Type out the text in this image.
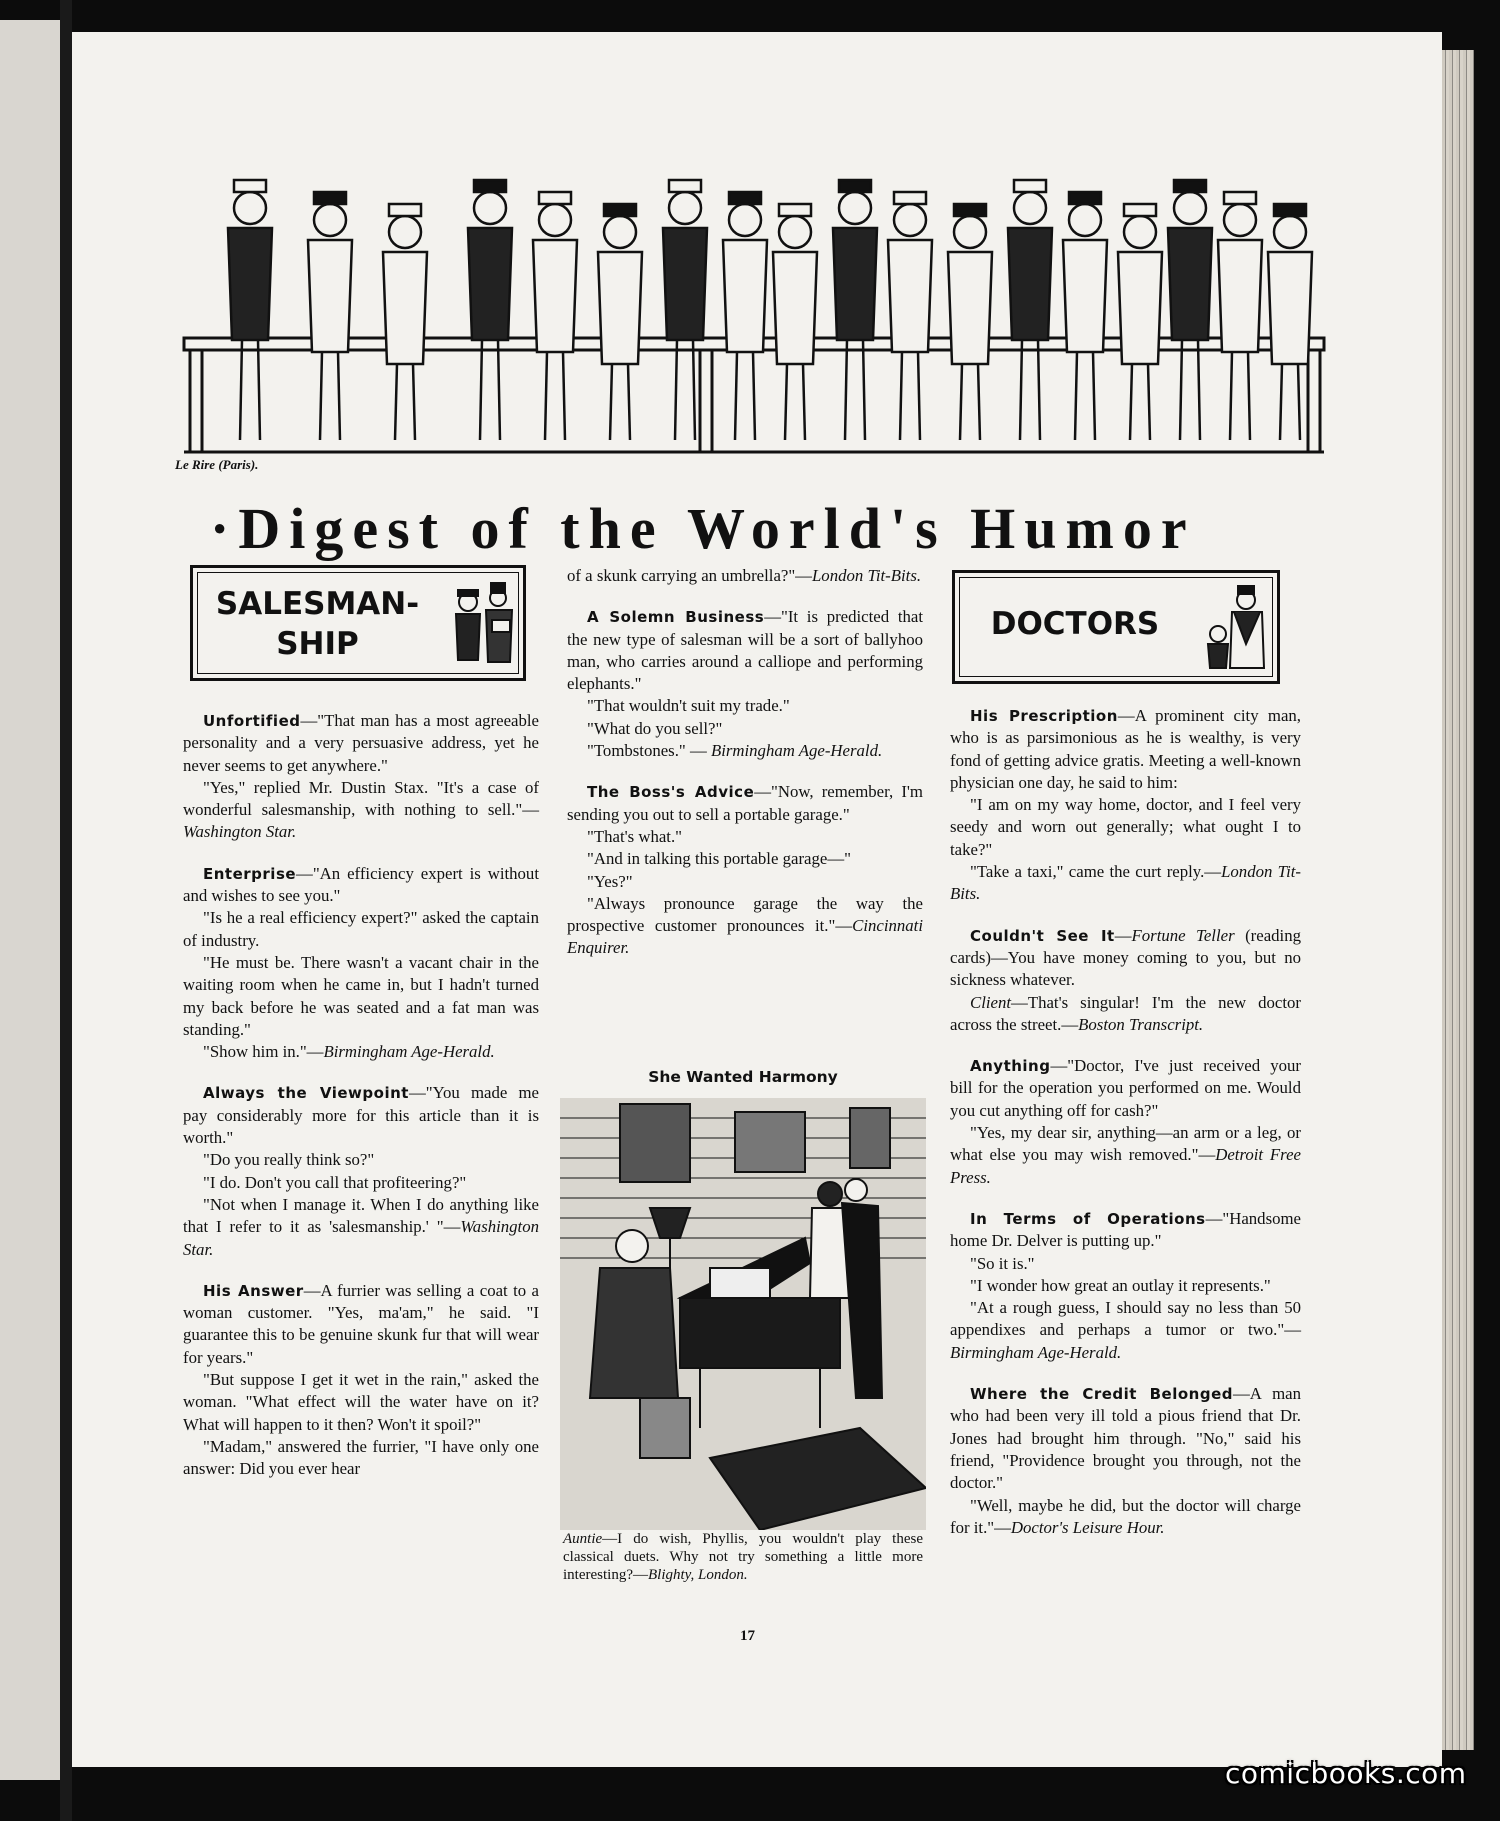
Le Rire (Paris).
·Digest of the World's Humor
SALESMAN-
SHIP
DOCTORS

Unfortified—"That man has a most agreeable personality and a very persuasive address, yet he never seems to get anywhere."

"Yes," replied Mr. Dustin Stax. "It's a case of wonderful salesmanship, with nothing to sell."—Washington Star.

Enterprise—"An efficiency expert is without and wishes to see you."

"Is he a real efficiency expert?" asked the captain of industry.

"He must be. There wasn't a vacant chair in the waiting room when he came in, but I hadn't turned my back before he was seated and a fat man was standing."

"Show him in."—Birmingham Age-Herald.

Always the Viewpoint—"You made me pay considerably more for this article than it is worth."

"Do you really think so?"

"I do. Don't you call that profiteering?"

"Not when I manage it. When I do anything like that I refer to it as 'salesmanship.' "—Washington Star.

His Answer—A furrier was selling a coat to a woman customer. "Yes, ma'am," he said. "I guarantee this to be genuine skunk fur that will wear for years."

"But suppose I get it wet in the rain," asked the woman. "What effect will the water have on it? What will happen to it then? Won't it spoil?"

"Madam," answered the furrier, "I have only one answer: Did you ever hear

of a skunk carrying an umbrella?"—London Tit-Bits.

A Solemn Business—"It is predicted that the new type of salesman will be a sort of ballyhoo man, who carries around a calliope and performing elephants."

"That wouldn't suit my trade."

"What do you sell?"

"Tombstones." — Birmingham Age-Herald.

The Boss's Advice—"Now, remember, I'm sending you out to sell a portable garage."

"That's what."

"And in talking this portable garage—"

"Yes?"

"Always pronounce garage the way the prospective customer pronounces it."—Cincinnati Enquirer.

His Prescription—A prominent city man, who is as parsimonious as he is wealthy, is very fond of getting advice gratis. Meeting a well-known physician one day, he said to him:

"I am on my way home, doctor, and I feel very seedy and worn out generally; what ought I to take?"

"Take a taxi," came the curt reply.—London Tit-Bits.

Couldn't See It—Fortune Teller (reading cards)—You have money coming to you, but no sickness whatever.

Client—That's singular! I'm the new doctor across the street.—Boston Transcript.

Anything—"Doctor, I've just received your bill for the operation you performed on me. Would you cut anything off for cash?"

"Yes, my dear sir, anything—an arm or a leg, or what else you may wish removed."—Detroit Free Press.

In Terms of Operations—"Handsome home Dr. Delver is putting up."

"So it is."

"I wonder how great an outlay it represents."

"At a rough guess, I should say no less than 50 appendixes and perhaps a tumor or two."—Birmingham Age-Herald.

Where the Credit Belonged—A man who had been very ill told a pious friend that Dr. Jones had brought him through. "No," said his friend, "Providence brought you through, not the doctor."

"Well, maybe he did, but the doctor will charge for it."—Doctor's Leisure Hour.

She Wanted Harmony
Auntie—I do wish, Phyllis, you wouldn't play these classical duets. Why not try something a little more interesting?—Blighty, London.
17
comicbooks.com
